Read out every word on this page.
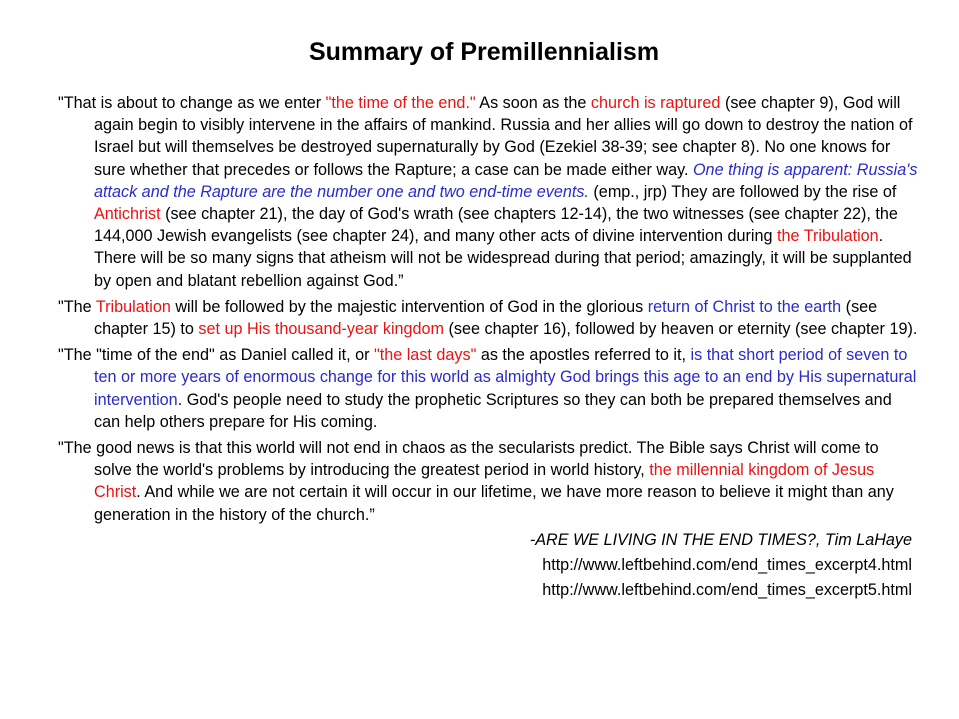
Summary of Premillennialism

"That is about to change as we enter "the time of the end." As soon as the church is raptured (see chapter 9), God will again begin to visibly intervene in the affairs of mankind. Russia and her allies will go down to destroy the nation of Israel but will themselves be destroyed supernaturally by God (Ezekiel 38-39; see chapter 8). No one knows for sure whether that precedes or follows the Rapture; a case can be made either way. One thing is apparent: Russia's attack and the Rapture are the number one and two end-time events. (emp., jrp) They are followed by the rise of Antichrist (see chapter 21), the day of God's wrath (see chapters 12-14), the two witnesses (see chapter 22), the 144,000 Jewish evangelists (see chapter 24), and many other acts of divine intervention during the Tribulation. There will be so many signs that atheism will not be widespread during that period; amazingly, it will be supplanted by open and blatant rebellion against God.”

"The Tribulation will be followed by the majestic intervention of God in the glorious return of Christ to the earth (see chapter 15) to set up His thousand-year kingdom (see chapter 16), followed by heaven or eternity (see chapter 19).

"The "time of the end" as Daniel called it, or "the last days" as the apostles referred to it, is that short period of seven to ten or more years of enormous change for this world as almighty God brings this age to an end by His supernatural intervention. God's people need to study the prophetic Scriptures so they can both be prepared themselves and can help others prepare for His coming.

"The good news is that this world will not end in chaos as the secularists predict. The Bible says Christ will come to solve the world's problems by introducing the greatest period in world history, the millennial kingdom of Jesus Christ. And while we are not certain it will occur in our lifetime, we have more reason to believe it might than any generation in the history of the church.”

-ARE WE LIVING IN THE END TIMES?, Tim LaHaye
http://www.leftbehind.com/end_times_excerpt4.html
http://www.leftbehind.com/end_times_excerpt5.html
